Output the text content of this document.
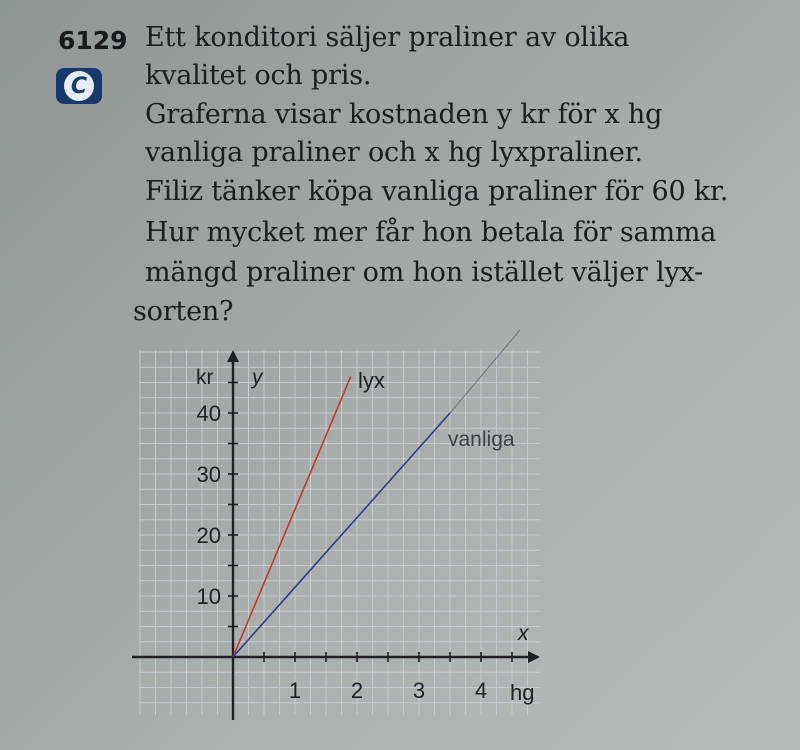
6129
C
Ett konditori säljer praliner av olika
kvalitet och pris.
Graferna visar kostnaden y kr för x hg
vanliga praliner och x hg lyxpraliner.
Filiz tänker köpa vanliga praliner för 60 kr.
Hur mycket mer får hon betala för samma
mängd praliner om hon istället väljer lyx-
sorten?
1 2 3 4
10
20
30
40
hg
kr
x
y	lyx
vanliga
